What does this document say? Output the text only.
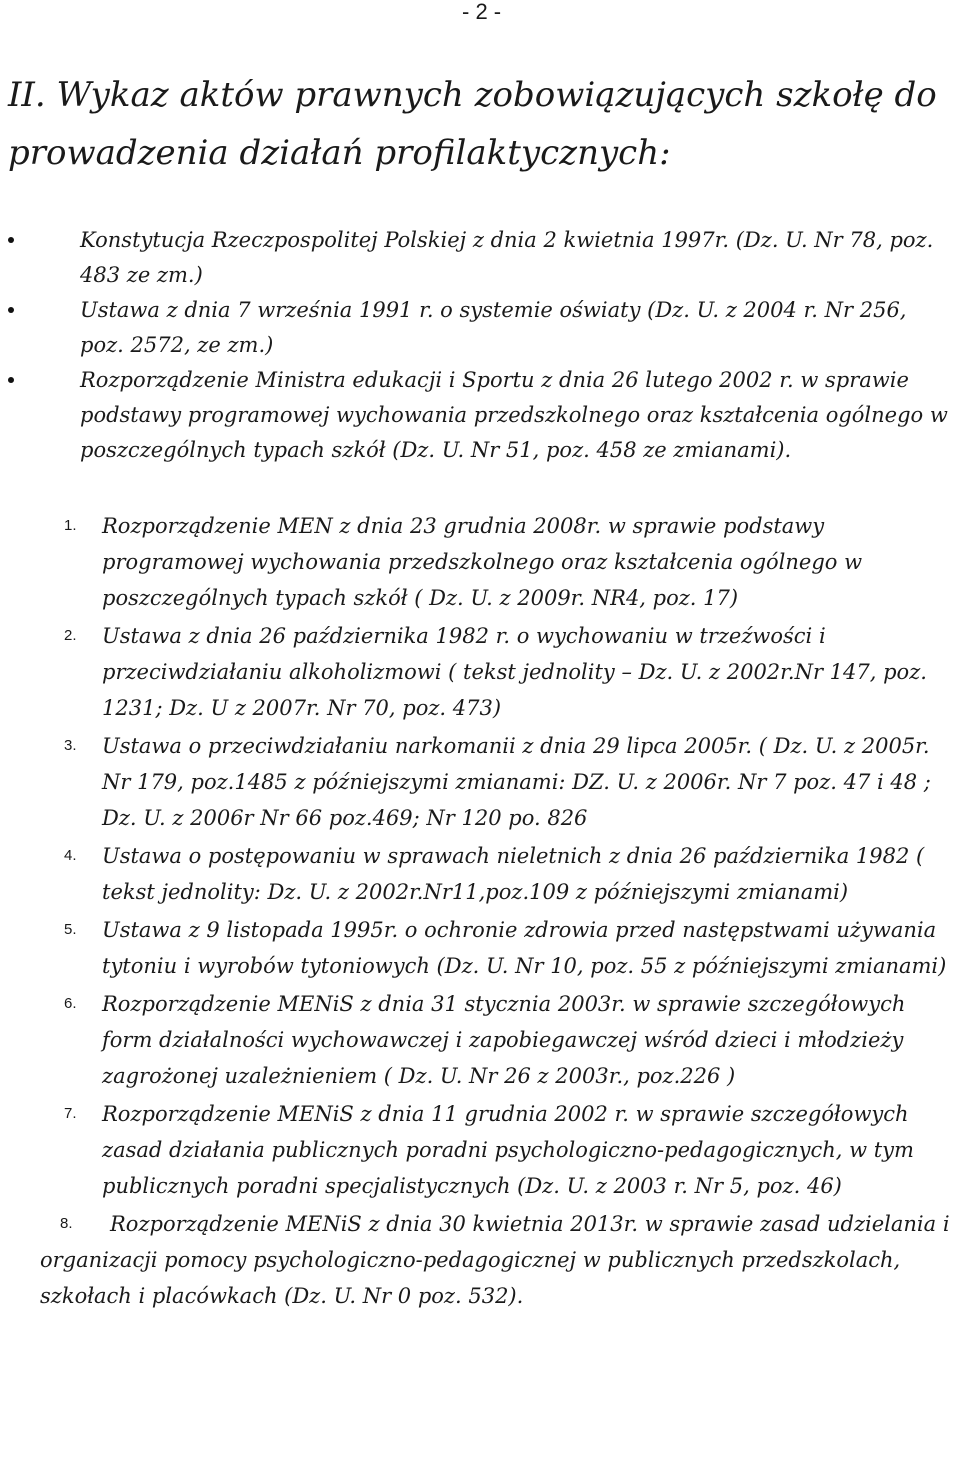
- 2 -
II. Wykaz aktów prawnych zobowiązujących szkołę do prowadzenia działań profilaktycznych:
Konstytucja Rzeczpospolitej Polskiej z dnia 2 kwietnia 1997r. (Dz. U. Nr 78, poz. 483 ze zm.)
Ustawa z dnia 7 września 1991 r. o systemie oświaty (Dz. U. z 2004 r. Nr 256, poz. 2572, ze zm.)
Rozporządzenie Ministra edukacji i Sportu z dnia 26 lutego 2002 r. w sprawie podstawy programowej wychowania przedszkolnego oraz kształcenia ogólnego w poszczególnych typach szkół (Dz. U. Nr 51, poz. 458 ze zmianami).
1. Rozporządzenie MEN z dnia 23 grudnia 2008r. w sprawie podstawy programowej wychowania przedszkolnego oraz kształcenia ogólnego w poszczególnych typach szkół ( Dz. U. z 2009r. NR4, poz. 17)
2. Ustawa z dnia 26 października 1982 r. o wychowaniu w trzeźwości i przeciwdziałaniu alkoholizmowi ( tekst jednolity – Dz. U. z 2002r.Nr 147, poz. 1231; Dz. U z 2007r. Nr 70, poz. 473)
3. Ustawa o przeciwdziałaniu narkomanii z dnia 29 lipca 2005r. ( Dz. U. z 2005r. Nr 179, poz.1485 z późniejszymi zmianami: DZ. U. z 2006r. Nr 7 poz. 47 i 48 ; Dz. U. z 2006r Nr 66 poz.469; Nr 120 po. 826
4. Ustawa o postępowaniu w sprawach nieletnich z dnia 26 października 1982 ( tekst jednolity: Dz. U. z 2002r.Nr11,poz.109 z późniejszymi zmianami)
5. Ustawa z 9 listopada 1995r. o ochronie zdrowia przed następstwami używania tytoniu i wyrobów tytoniowych (Dz. U. Nr 10, poz. 55 z późniejszymi zmianami)
6. Rozporządzenie MENiS z dnia 31 stycznia 2003r. w sprawie szczegółowych form działalności wychowawczej i zapobiegawczej wśród dzieci i młodzieży zagrożonej uzależnieniem ( Dz. U. Nr 26 z 2003r., poz.226 )
7. Rozporządzenie MENiS z dnia 11 grudnia 2002 r. w sprawie szczegółowych zasad działania publicznych poradni psychologiczno-pedagogicznych, w tym publicznych poradni specjalistycznych (Dz. U. z 2003 r. Nr 5, poz. 46)
8. Rozporządzenie MENiS z dnia 30 kwietnia 2013r. w sprawie zasad udzielania i organizacji pomocy psychologiczno-pedagogicznej w publicznych przedszkolach, szkołach i placówkach (Dz. U. Nr 0 poz. 532).
